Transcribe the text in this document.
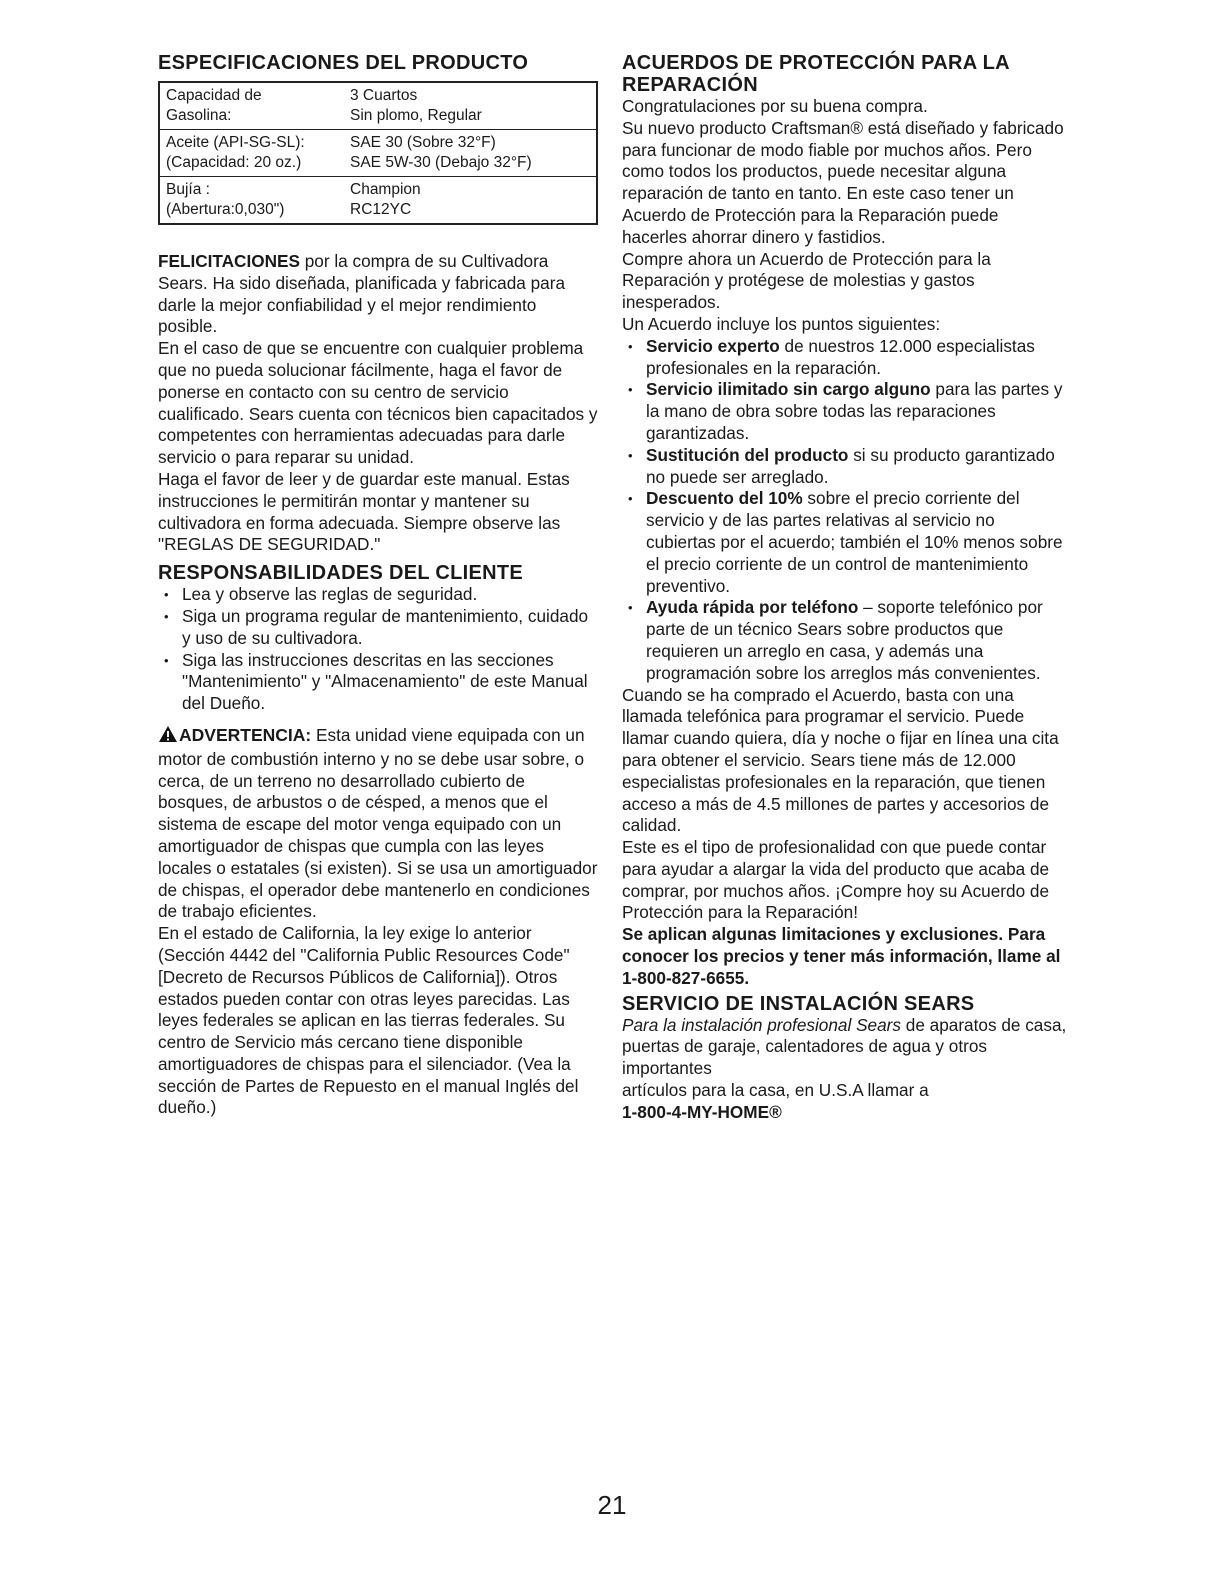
ESPECIFICACIONES DEL PRODUCTO
Capacidad de
Gasolina:
3 Cuartos
Sin plomo, Regular
Aceite (API-SG-SL):
(Capacidad: 20 oz.)
SAE 30 (Sobre 32°F)
SAE 5W-30 (Debajo 32°F)
Bujía :
(Abertura:0,030")
Champion
RC12YC

FELICITACIONES por la compra de su Cultivadora Sears. Ha sido diseñada, planificada y fabricada para darle la mejor confiabilidad y el mejor rendimiento posible.

En el caso de que se encuentre con cualquier problema que no pueda solucionar fácilmente, haga el favor de ponerse en contacto con su centro de servicio cualificado. Sears cuenta con técnicos bien capacitados y competentes con herramientas adecuadas para darle servicio o para reparar su unidad.

Haga el favor de leer y de guardar este manual. Estas instrucciones le permitirán montar y mantener su cultivadora en forma adecuada. Siempre observe las "REGLAS DE SEGURIDAD."

RESPONSABILIDADES DEL CLIENTE
• Lea y observe las reglas de seguridad.
• Siga un programa regular de mantenimiento, cuidado y uso de su cultivadora.
• Siga las instrucciones descritas en las secciones "Mantenimiento" y "Almacenamiento" de este Manual del Dueño.

ADVERTENCIA: Esta unidad viene equipada con un motor de combustión interno y no se debe usar sobre, o cerca, de un terreno no desarrollado cubierto de bosques, de arbustos o de césped, a menos que el sistema de escape del motor venga equipado con un amortiguador de chispas que cumpla con las leyes locales o estatales (si existen). Si se usa un amortiguador de chispas, el operador debe mantenerlo en condiciones de trabajo eficientes.

En el estado de California, la ley exige lo anterior (Sección 4442 del "California Public Resources Code" [Decreto de Recursos Públicos de California]). Otros estados pueden contar con otras leyes parecidas. Las leyes federales se aplican en las tierras federales. Su centro de Servicio más cercano tiene disponible amortiguadores de chispas para el silenciador. (Vea la sección de Partes de Repuesto en el manual Inglés del dueño.)

ACUERDOS DE PROTECCIÓN PARA LA REPARACIÓN

Congratulaciones por su buena compra.

Su nuevo producto Craftsman® está diseñado y fabricado para funcionar de modo fiable por muchos años. Pero como todos los productos, puede necesitar alguna reparación de tanto en tanto. En este caso tener un Acuerdo de Protección para la Reparación puede hacerles ahorrar dinero y fastidios.

Compre ahora un Acuerdo de Protección para la Reparación y protégese de molestias y gastos inesperados.

Un Acuerdo incluye los puntos siguientes:

• Servicio experto de nuestros 12.000 especialistas profesionales en la reparación.
• Servicio ilimitado sin cargo alguno para las partes y la mano de obra sobre todas las reparaciones garantizadas.
• Sustitución del producto si su producto garantizado no puede ser arreglado.
• Descuento del 10% sobre el precio corriente del servicio y de las partes relativas al servicio no cubiertas por el acuerdo; también el 10% menos sobre el precio corriente de un control de mantenimiento preventivo.
• Ayuda rápida por teléfono – soporte telefónico por parte de un técnico Sears sobre productos que requieren un arreglo en casa, y además una programación sobre los arreglos más convenientes.

Cuando se ha comprado el Acuerdo, basta con una llamada telefónica para programar el servicio. Puede llamar cuando quiera, día y noche o fijar en línea una cita para obtener el servicio. Sears tiene más de 12.000 especialistas profesionales en la reparación, que tienen acceso a más de 4.5 millones de partes y accesorios de calidad.

Este es el tipo de profesionalidad con que puede contar para ayudar a alargar la vida del producto que acaba de comprar, por muchos años. ¡Compre hoy su Acuerdo de Protección para la Reparación!

Se aplican algunas limitaciones y exclusiones. Para conocer los precios y tener más información, llame al 1-800-827-6655.

SERVICIO DE INSTALACIÓN SEARS

Para la instalación profesional Sears de aparatos de casa, puertas de garaje, calentadores de agua y otros importantes

artículos para la casa, en U.S.A llamar a

1-800-4-MY-HOME®

21
